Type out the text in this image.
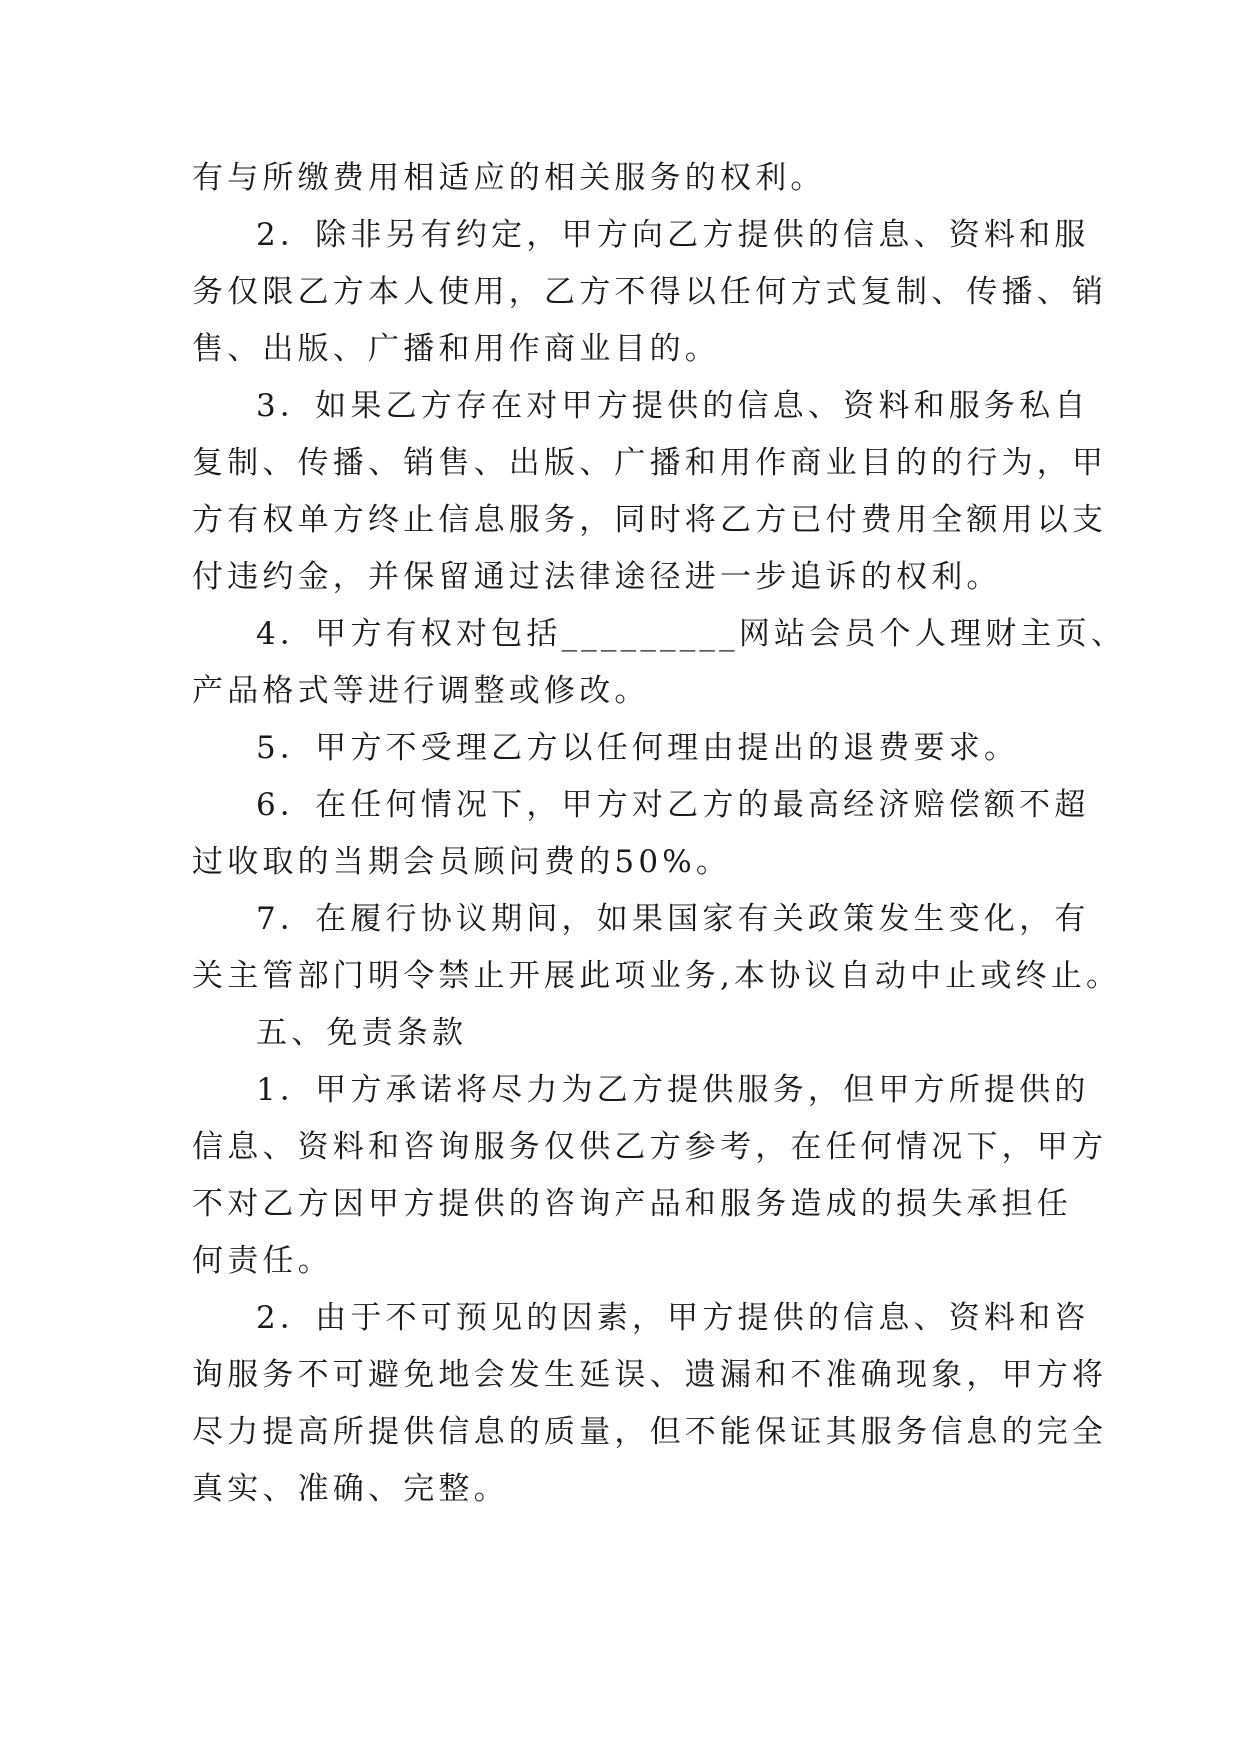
有与所缴费用相适应的相关服务的权利。
2．除非另有约定，甲方向乙方提供的信息、资料和服
务仅限乙方本人使用，乙方不得以任何方式复制、传播、销
售、出版、广播和用作商业目的。
3．如果乙方存在对甲方提供的信息、资料和服务私自
复制、传播、销售、出版、广播和用作商业目的的行为，甲
方有权单方终止信息服务，同时将乙方已付费用全额用以支
付违约金，并保留通过法律途径进一步追诉的权利。
4．甲方有权对包括_________网站会员个人理财主页、
产品格式等进行调整或修改。
5．甲方不受理乙方以任何理由提出的退费要求。
6．在任何情况下，甲方对乙方的最高经济赔偿额不超
过收取的当期会员顾问费的50%。
7．在履行协议期间，如果国家有关政策发生变化，有
关主管部门明令禁止开展此项业务,本协议自动中止或终止。
五、免责条款
1．甲方承诺将尽力为乙方提供服务，但甲方所提供的
信息、资料和咨询服务仅供乙方参考，在任何情况下，甲方
不对乙方因甲方提供的咨询产品和服务造成的损失承担任
何责任。
2．由于不可预见的因素，甲方提供的信息、资料和咨
询服务不可避免地会发生延误、遗漏和不准确现象，甲方将
尽力提高所提供信息的质量，但不能保证其服务信息的完全
真实、准确、完整。
